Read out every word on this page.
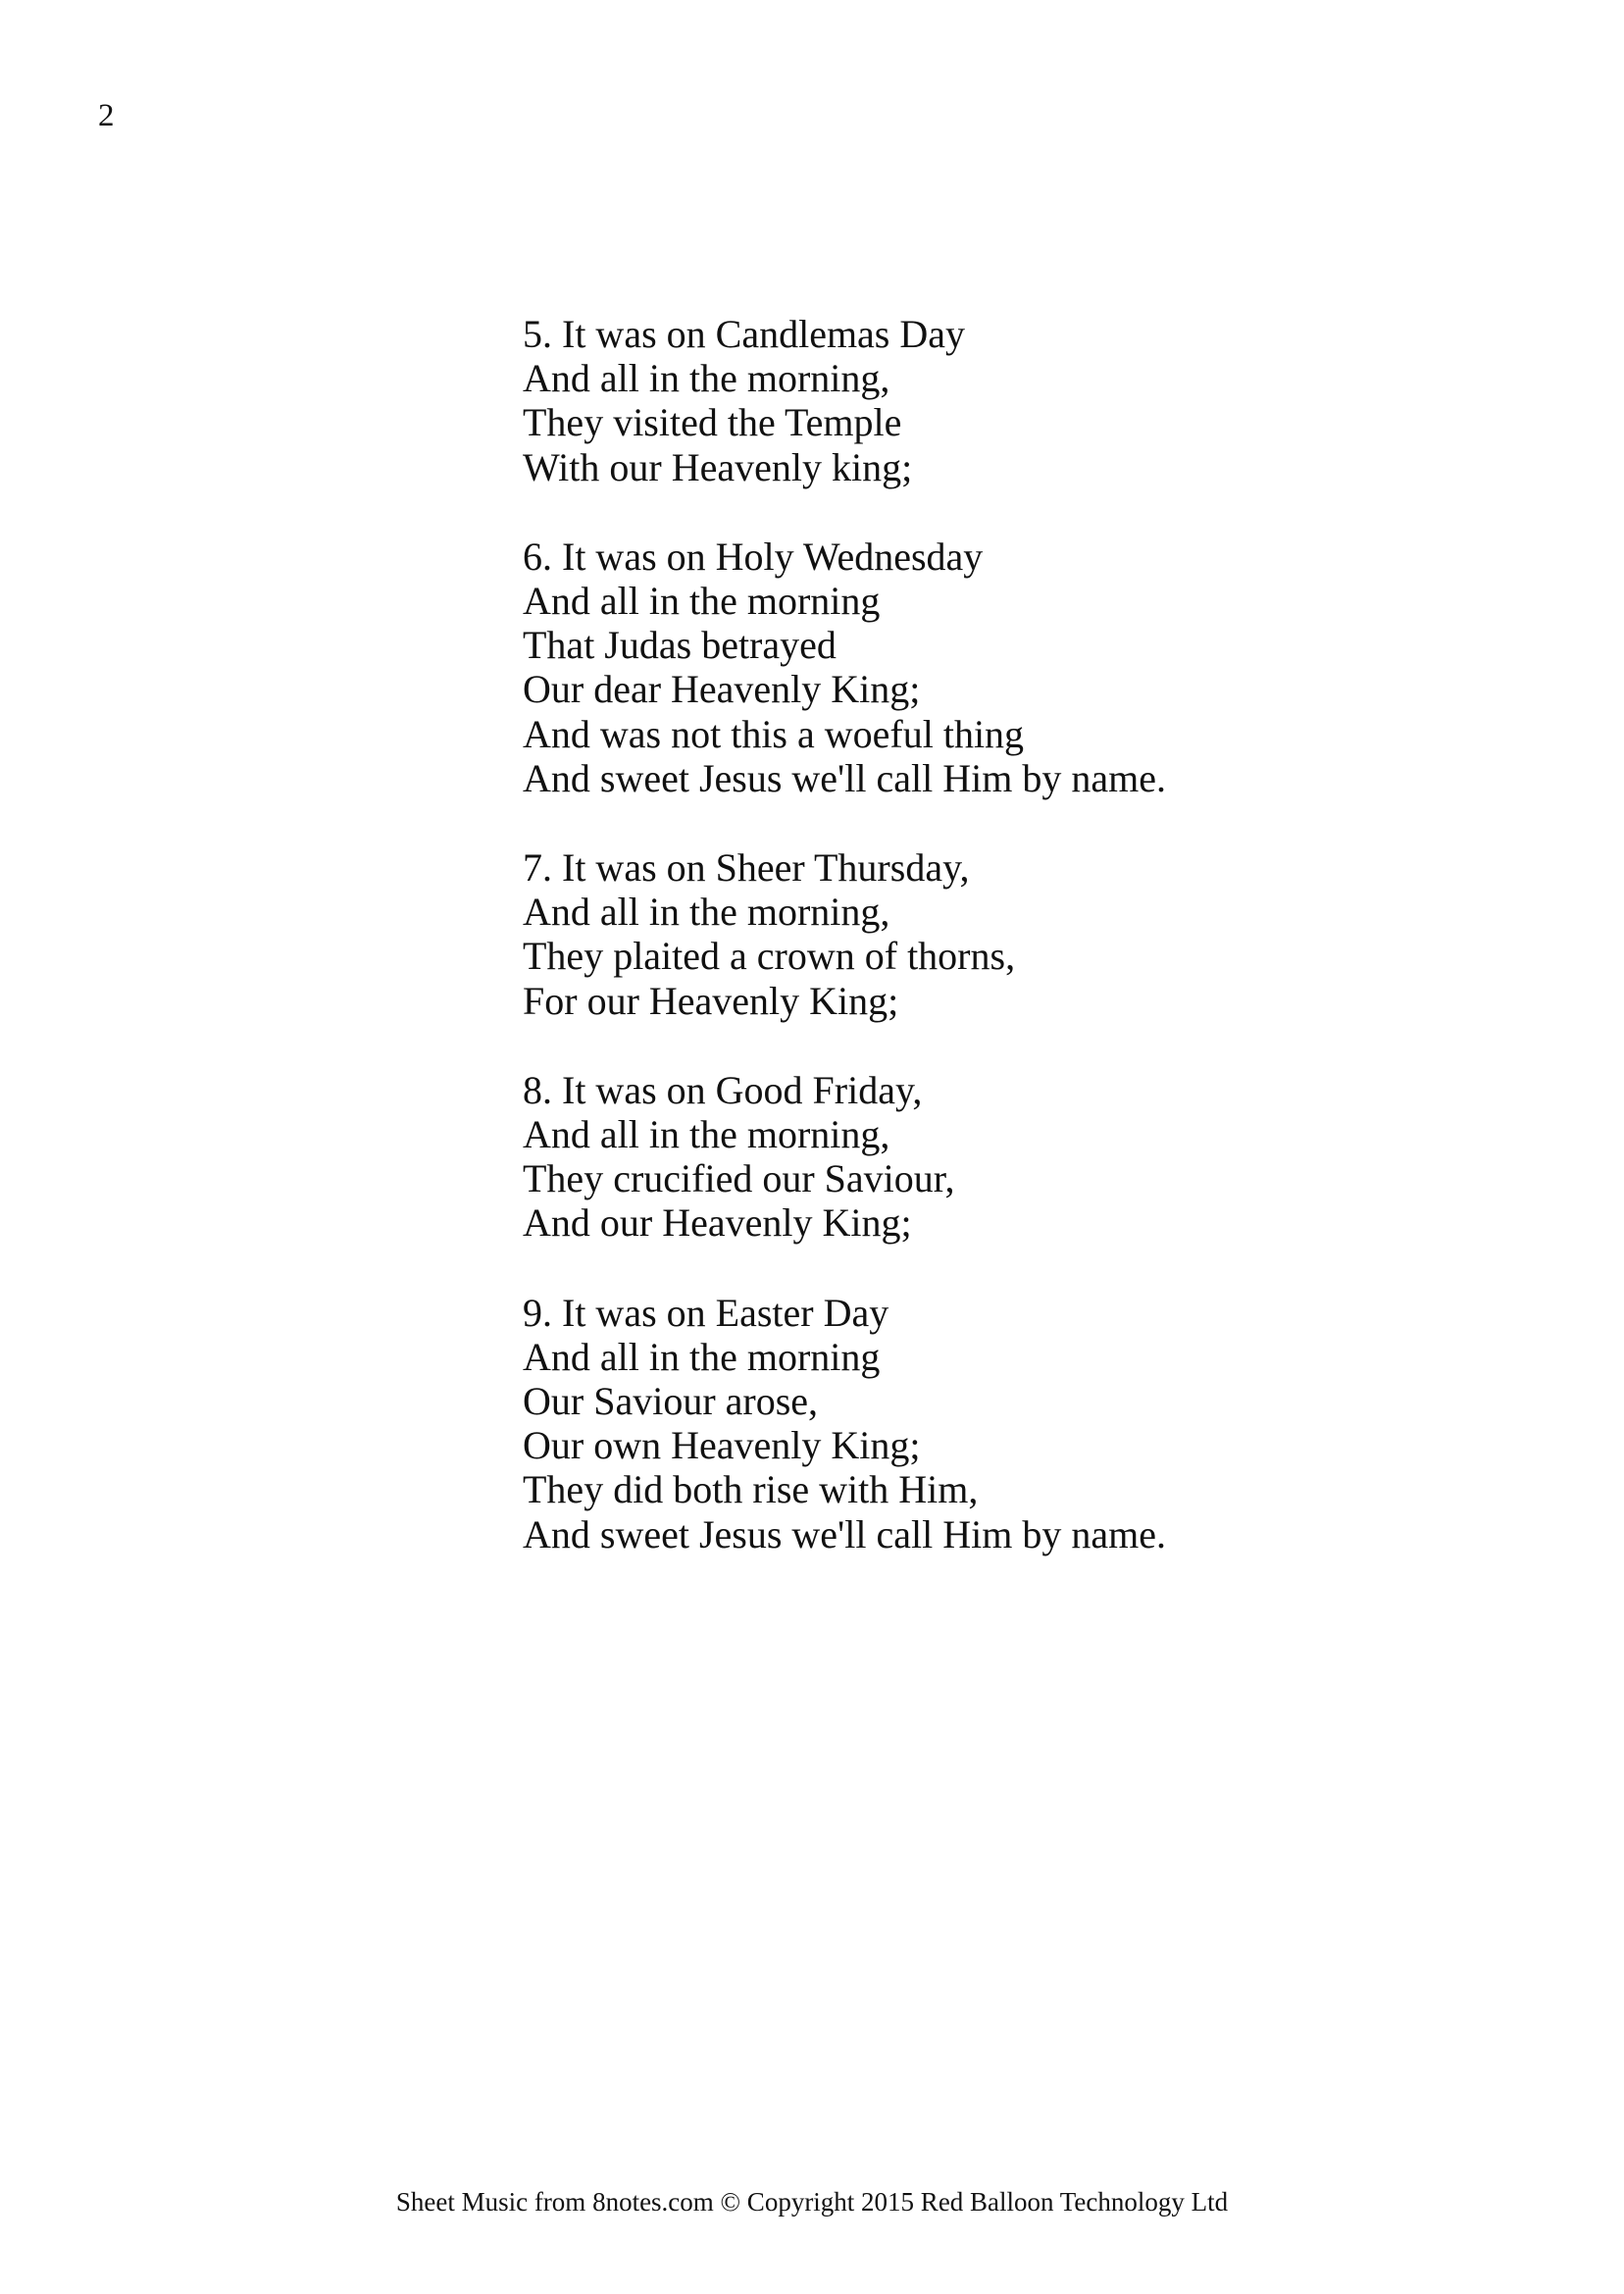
2
5. It was on Candlemas Day
And all in the morning,
They visited the Temple
With our Heavenly king;
6. It was on Holy Wednesday
And all in the morning
That Judas betrayed
Our dear Heavenly King;
And was not this a woeful thing
And sweet Jesus we'll call Him by name.
7. It was on Sheer Thursday,
And all in the morning,
They plaited a crown of thorns,
For our Heavenly King;
8. It was on Good Friday,
And all in the morning,
They crucified our Saviour,
And our Heavenly King;
9. It was on Easter Day
And all in the morning
Our Saviour arose,
Our own Heavenly King;
They did both rise with Him,
And sweet Jesus we'll call Him by name.
Sheet Music from 8notes.com © Copyright 2015 Red Balloon Technology Ltd
